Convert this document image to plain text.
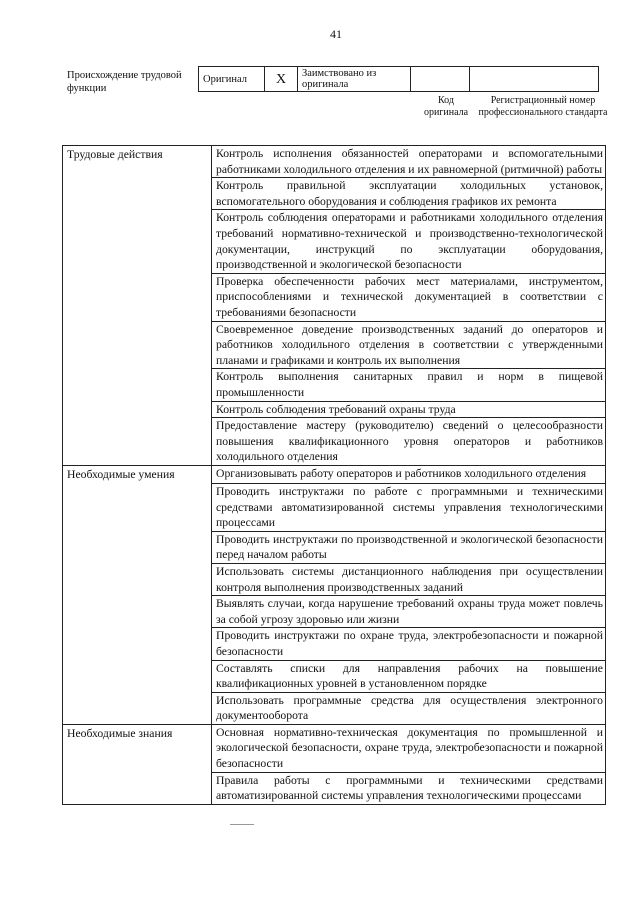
41
Происхождение трудовой функции
Оригинал	X	Заимствовано из оригинала		
Код оригинала
Регистрационный номер профессионального стандарта
Трудовые действия	Контроль исполнения обязанностей операторами и вспомогательными работниками холодильного отделения и их равномерной (ритмичной) работы
	Контроль правильной эксплуатации холодильных установок, вспомогательного оборудования и соблюдения графиков их ремонта
	Контроль соблюдения операторами и работниками холодильного отделения требований нормативно-технической и производственно-технологической документации, инструкций по эксплуатации оборудования, производственной и экологической безопасности
	Проверка обеспеченности рабочих мест материалами, инструментом, приспособлениями и технической документацией в соответствии с требованиями безопасности
	Своевременное доведение производственных заданий до операторов и работников холодильного отделения в соответствии с утвержденными планами и графиками и контроль их выполнения
	Контроль выполнения санитарных правил и норм в пищевой промышленности
	Контроль соблюдения требований охраны труда
	Предоставление мастеру (руководителю) сведений о целесообразности повышения квалификационного уровня операторов и работников холодильного отделения
Необходимые умения	Организовывать работу операторов и работников холодильного отделения
	Проводить инструктажи по работе с программными и техническими средствами автоматизированной системы управления технологическими процессами
	Проводить инструктажи по производственной и экологической безопасности перед началом работы
	Использовать системы дистанционного наблюдения при осуществлении контроля выполнения производственных заданий
	Выявлять случаи, когда нарушение требований охраны труда может повлечь за собой угрозу здоровью или жизни
	Проводить инструктажи по охране труда, электробезопасности и пожарной безопасности
	Составлять списки для направления рабочих на повышение квалификационных уровней в установленном порядке
	Использовать программные средства для осуществления электронного документооборота
Необходимые знания	Основная нормативно-техническая документация по промышленной и экологической безопасности, охране труда, электробезопасности и пожарной безопасности
	Правила работы с программными и техническими средствами автоматизированной системы управления технологическими процессами
